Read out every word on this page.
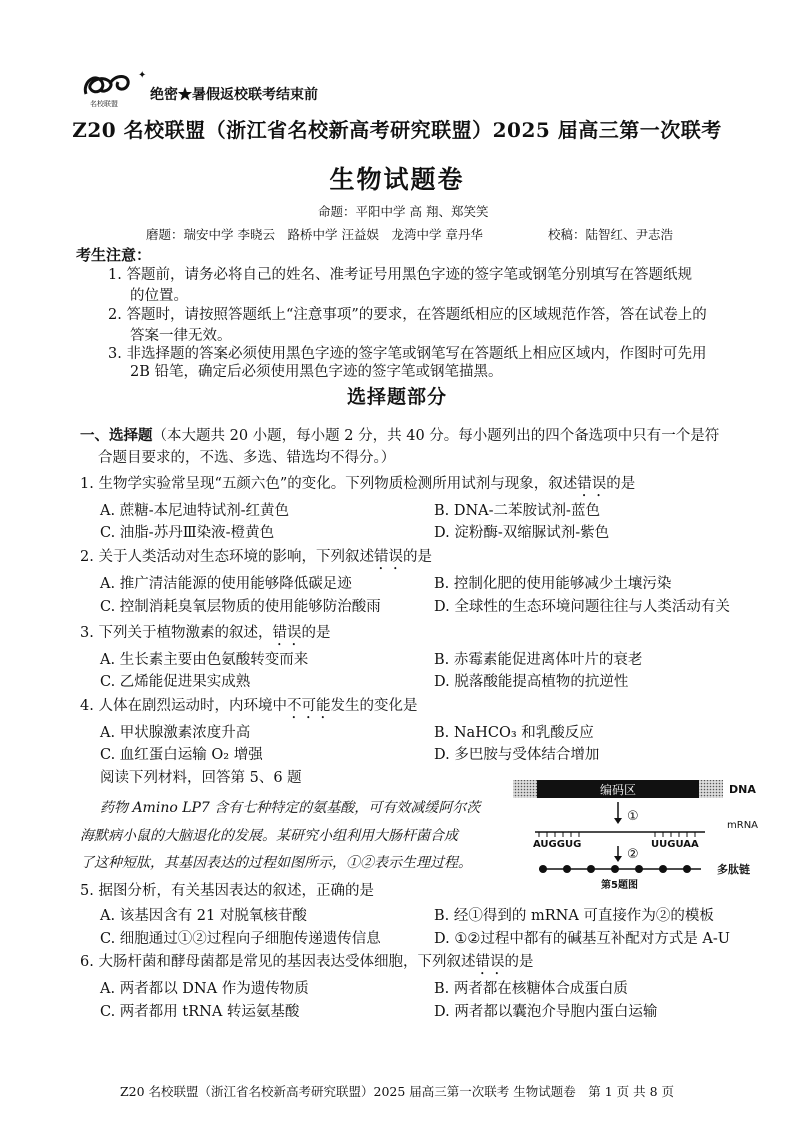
✦
名校联盟
绝密★暑假返校联考结束前
Z20 名校联盟（浙江省名校新高考研究联盟）2025 届高三第一次联考
生物试题卷
命题：平阳中学 高 翔、郑笑笑
磨题：瑞安中学 李晓云　路桥中学 汪益娱　龙湾中学 章丹华	校稿：陆智红、尹志浩
考生注意：
1. 答题前，请务必将自己的姓名、准考证号用黑色字迹的签字笔或钢笔分别填写在答题纸规
的位置。
2. 答题时，请按照答题纸上“注意事项”的要求，在答题纸相应的区域规范作答，答在试卷上的
答案一律无效。
3. 非选择题的答案必须使用黑色字迹的签字笔或钢笔写在答题纸上相应区域内，作图时可先用
2B 铅笔，确定后必须使用黑色字迹的签字笔或钢笔描黑。
选择题部分
一、选择题（本大题共 20 小题，每小题 2 分，共 40 分。每小题列出的四个备选项中只有一个是符
合题目要求的，不选、多选、错选均不得分。）
1. 生物学实验常呈现“五颜六色”的变化。下列物质检测所用试剂与现象，叙述错误的是
A. 蔗糖-本尼迪特试剂-红黄色	B. DNA-二苯胺试剂-蓝色
C. 油脂-苏丹Ⅲ染液-橙黄色	D. 淀粉酶-双缩脲试剂-紫色
2. 关于人类活动对生态环境的影响，下列叙述错误的是
A. 推广清洁能源的使用能够降低碳足迹	B. 控制化肥的使用能够减少土壤污染
C. 控制消耗臭氧层物质的使用能够防治酸雨	D. 全球性的生态环境问题往往与人类活动有关
3. 下列关于植物激素的叙述，错误的是
A. 生长素主要由色氨酸转变而来	B. 赤霉素能促进离体叶片的衰老
C. 乙烯能促进果实成熟	D. 脱落酸能提高植物的抗逆性
4. 人体在剧烈运动时，内环境中不可能发生的变化是
A. 甲状腺激素浓度升高	B. NaHCO₃ 和乳酸反应
C. 血红蛋白运输 O₂ 增强	D. 多巴胺与受体结合增加
阅读下列材料，回答第 5、6 题
药物 Amino LP7 含有七种特定的氨基酸，可有效减缓阿尔茨
海默病小鼠的大脑退化的发展。某研究小组利用大肠杆菌合成
了这种短肽，其基因表达的过程如图所示，①②表示生理过程。
编码区	DNA
①
mRNA
AUGGUG	UUGUAA
②
多肽链
第5题图
5. 据图分析，有关基因表达的叙述，正确的是
A. 该基因含有 21 对脱氧核苷酸	B. 经①得到的 mRNA 可直接作为②的模板
C. 细胞通过①②过程向子细胞传递遗传信息	D. ①②过程中都有的碱基互补配对方式是 A-U
6. 大肠杆菌和酵母菌都是常见的基因表达受体细胞，下列叙述错误的是
A. 两者都以 DNA 作为遗传物质	B. 两者都在核糖体合成蛋白质
C. 两者都用 tRNA 转运氨基酸	D. 两者都以囊泡介导胞内蛋白运输
Z20 名校联盟（浙江省名校新高考研究联盟）2025 届高三第一次联考 生物试题卷　第 1 页 共 8 页
